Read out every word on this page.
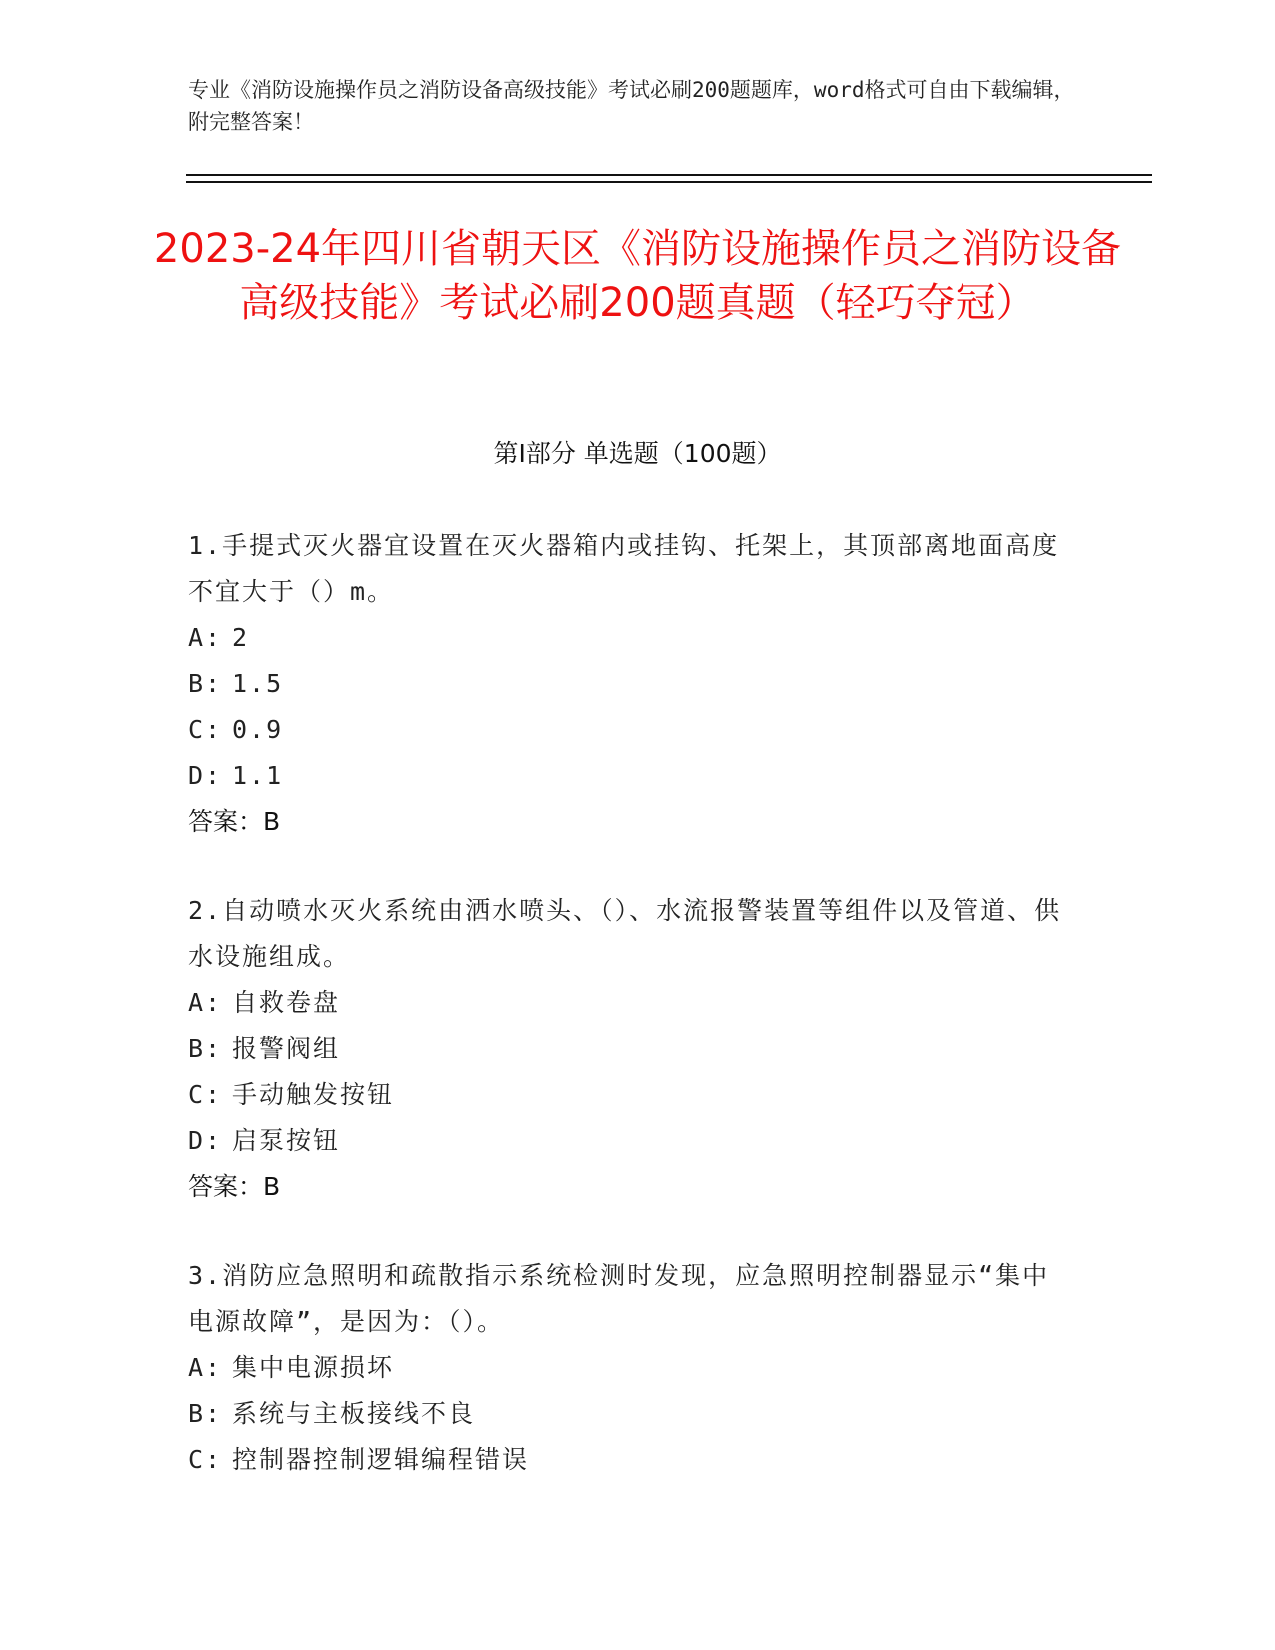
专业《消防设施操作员之消防设备高级技能》考试必刷200题题库，word格式可自由下载编辑，附完整答案！
2023-24年四川省朝天区《消防设施操作员之消防设备高级技能》考试必刷200题真题（轻巧夺冠）
第Ⅰ部分 单选题（100题）
1.手提式灭火器宜设置在灭火器箱内或挂钩、托架上，其顶部离地面高度不宜大于（）m。
A: 2
B: 1.5
C: 0.9
D: 1.1
答案：B
2.自动喷水灭火系统由洒水喷头、（）、水流报警装置等组件以及管道、供水设施组成。
A: 自救卷盘
B: 报警阀组
C: 手动触发按钮
D: 启泵按钮
答案：B
3.消防应急照明和疏散指示系统检测时发现，应急照明控制器显示“集中电源故障”，是因为：（）。
A: 集中电源损坏
B: 系统与主板接线不良
C: 控制器控制逻辑编程错误
